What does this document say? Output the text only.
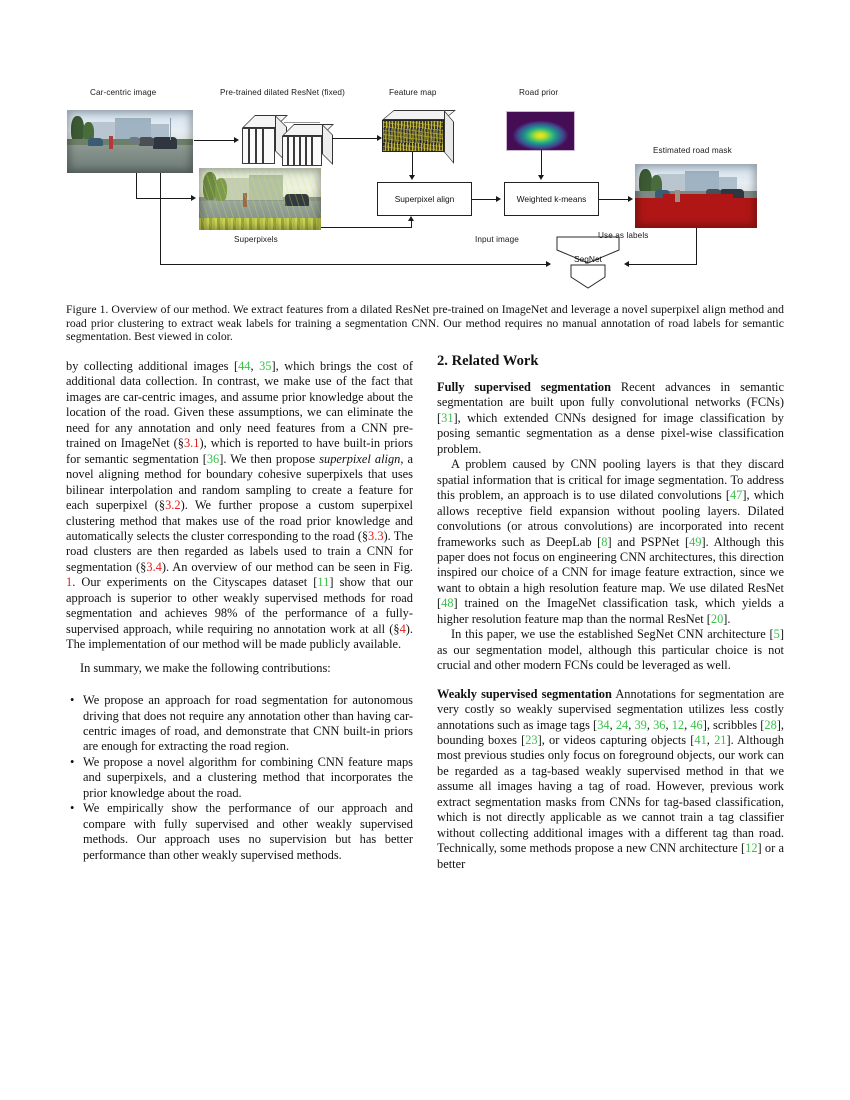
Car-centric image	Pre-trained dilated ResNet (fixed)	Feature map	Road prior
Estimated road mask
Superpixel align	Weighted k-means
SegNet
Superpixels	Input image	Use as labels
Figure 1. Overview of our method. We extract features from a dilated ResNet pre-trained on ImageNet and leverage a novel superpixel align method and road prior clustering to extract weak labels for training a segmentation CNN. Our method requires no manual annotation of road labels for semantic segmentation. Best viewed in color.

by collecting additional images [44, 35], which brings the cost of additional data collection. In contrast, we make use of the fact that images are car-centric images, and assume prior knowledge about the location of the road. Given these assumptions, we can eliminate the need for any annotation and only need features from a CNN pre-trained on ImageNet (§3.1), which is reported to have built-in priors for semantic segmentation [36]. We then propose superpixel align, a novel aligning method for boundary cohesive superpixels that uses bilinear interpolation and random sampling to create a feature for each superpixel (§3.2). We further propose a custom superpixel clustering method that makes use of the road prior knowledge and automatically selects the cluster corresponding to the road (§3.3). The road clusters are then regarded as labels used to train a CNN for segmentation (§3.4). An overview of our method can be seen in Fig. 1. Our experiments on the Cityscapes dataset [11] show that our approach is superior to other weakly supervised methods for road segmentation and achieves 98% of the performance of a fully-supervised approach, while requiring no annotation work at all (§4). The implementation of our method will be made publicly available.

In summary, we make the following contributions:

• We propose an approach for road segmentation for autonomous driving that does not require any annotation other than having car-centric images of road, and demonstrate that CNN built-in priors are enough for extracting the road region.
• We propose a novel algorithm for combining CNN feature maps and superpixels, and a clustering method that incorporates the prior knowledge about the road.
• We empirically show the performance of our approach and compare with fully supervised and other weakly supervised methods. Our approach uses no supervision but has better performance than other weakly supervised methods.
2. Related Work

Fully supervised segmentation Recent advances in semantic segmentation are built upon fully convolutional networks (FCNs) [31], which extended CNNs designed for image classification by posing semantic segmentation as a dense pixel-wise classification problem.

A problem caused by CNN pooling layers is that they discard spatial information that is critical for image segmentation. To address this problem, an approach is to use dilated convolutions [47], which allows receptive field expansion without pooling layers. Dilated convolutions (or atrous convolutions) are incorporated into recent frameworks such as DeepLab [8] and PSPNet [49]. Although this paper does not focus on engineering CNN architectures, this direction inspired our choice of a CNN for image feature extraction, since we want to obtain a high resolution feature map. We use dilated ResNet [48] trained on the ImageNet classification task, which yields a higher resolution feature map than the normal ResNet [20].

In this paper, we use the established SegNet CNN architecture [5] as our segmentation model, although this particular choice is not crucial and other modern FCNs could be leveraged as well.

Weakly supervised segmentation Annotations for segmentation are very costly so weakly supervised segmentation utilizes less costly annotations such as image tags [34, 24, 39, 36, 12, 46], scribbles [28], bounding boxes [23], or videos capturing objects [41, 21]. Although most previous studies only focus on foreground objects, our work can be regarded as a tag-based weakly supervised method in that we assume all images having a tag of road. However, previous work extract segmentation masks from CNNs for tag-based classification, which is not directly applicable as we cannot train a tag classifier without collecting additional images with a different tag than road. Technically, some methods propose a new CNN architecture [12] or a better
